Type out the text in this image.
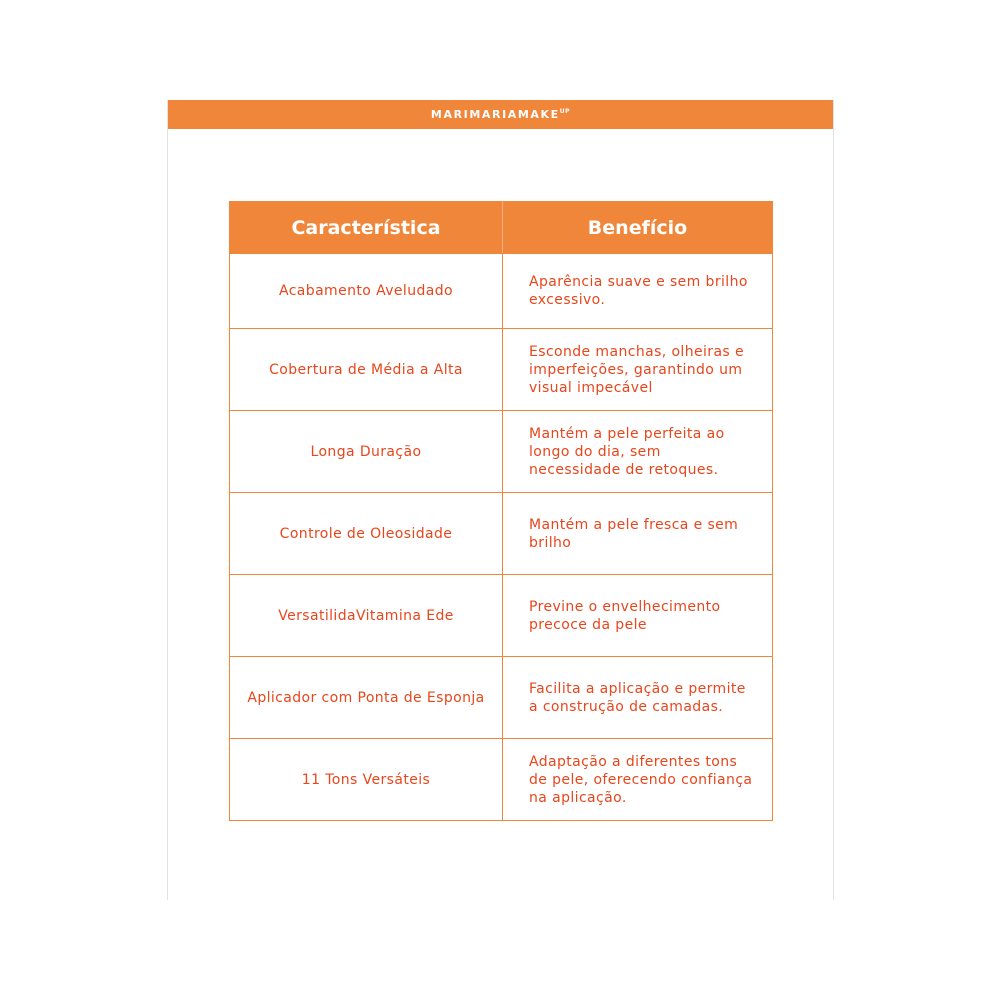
$MARIMARIAMAKE^{UP}$
Característica	Benefício
Acabamento Aveludado	Aparência suave e sem brilho excessivo.
Cobertura de Média a Alta	Esconde manchas, olheiras e imperfeições, garantindo um visual impecável
Longa Duração	Mantém a pele perfeita ao longo do dia, sem necessidade de retoques.
Controle de Oleosidade	Mantém a pele fresca e sem brilho
VersatilidaVitamina Ede	Previne o envelhecimento precoce da pele
Aplicador com Ponta de Esponja	Facilita a aplicação e permite a construção de camadas.
11 Tons Versáteis	Adaptação a diferentes tons de pele, oferecendo confiança na aplicação.
